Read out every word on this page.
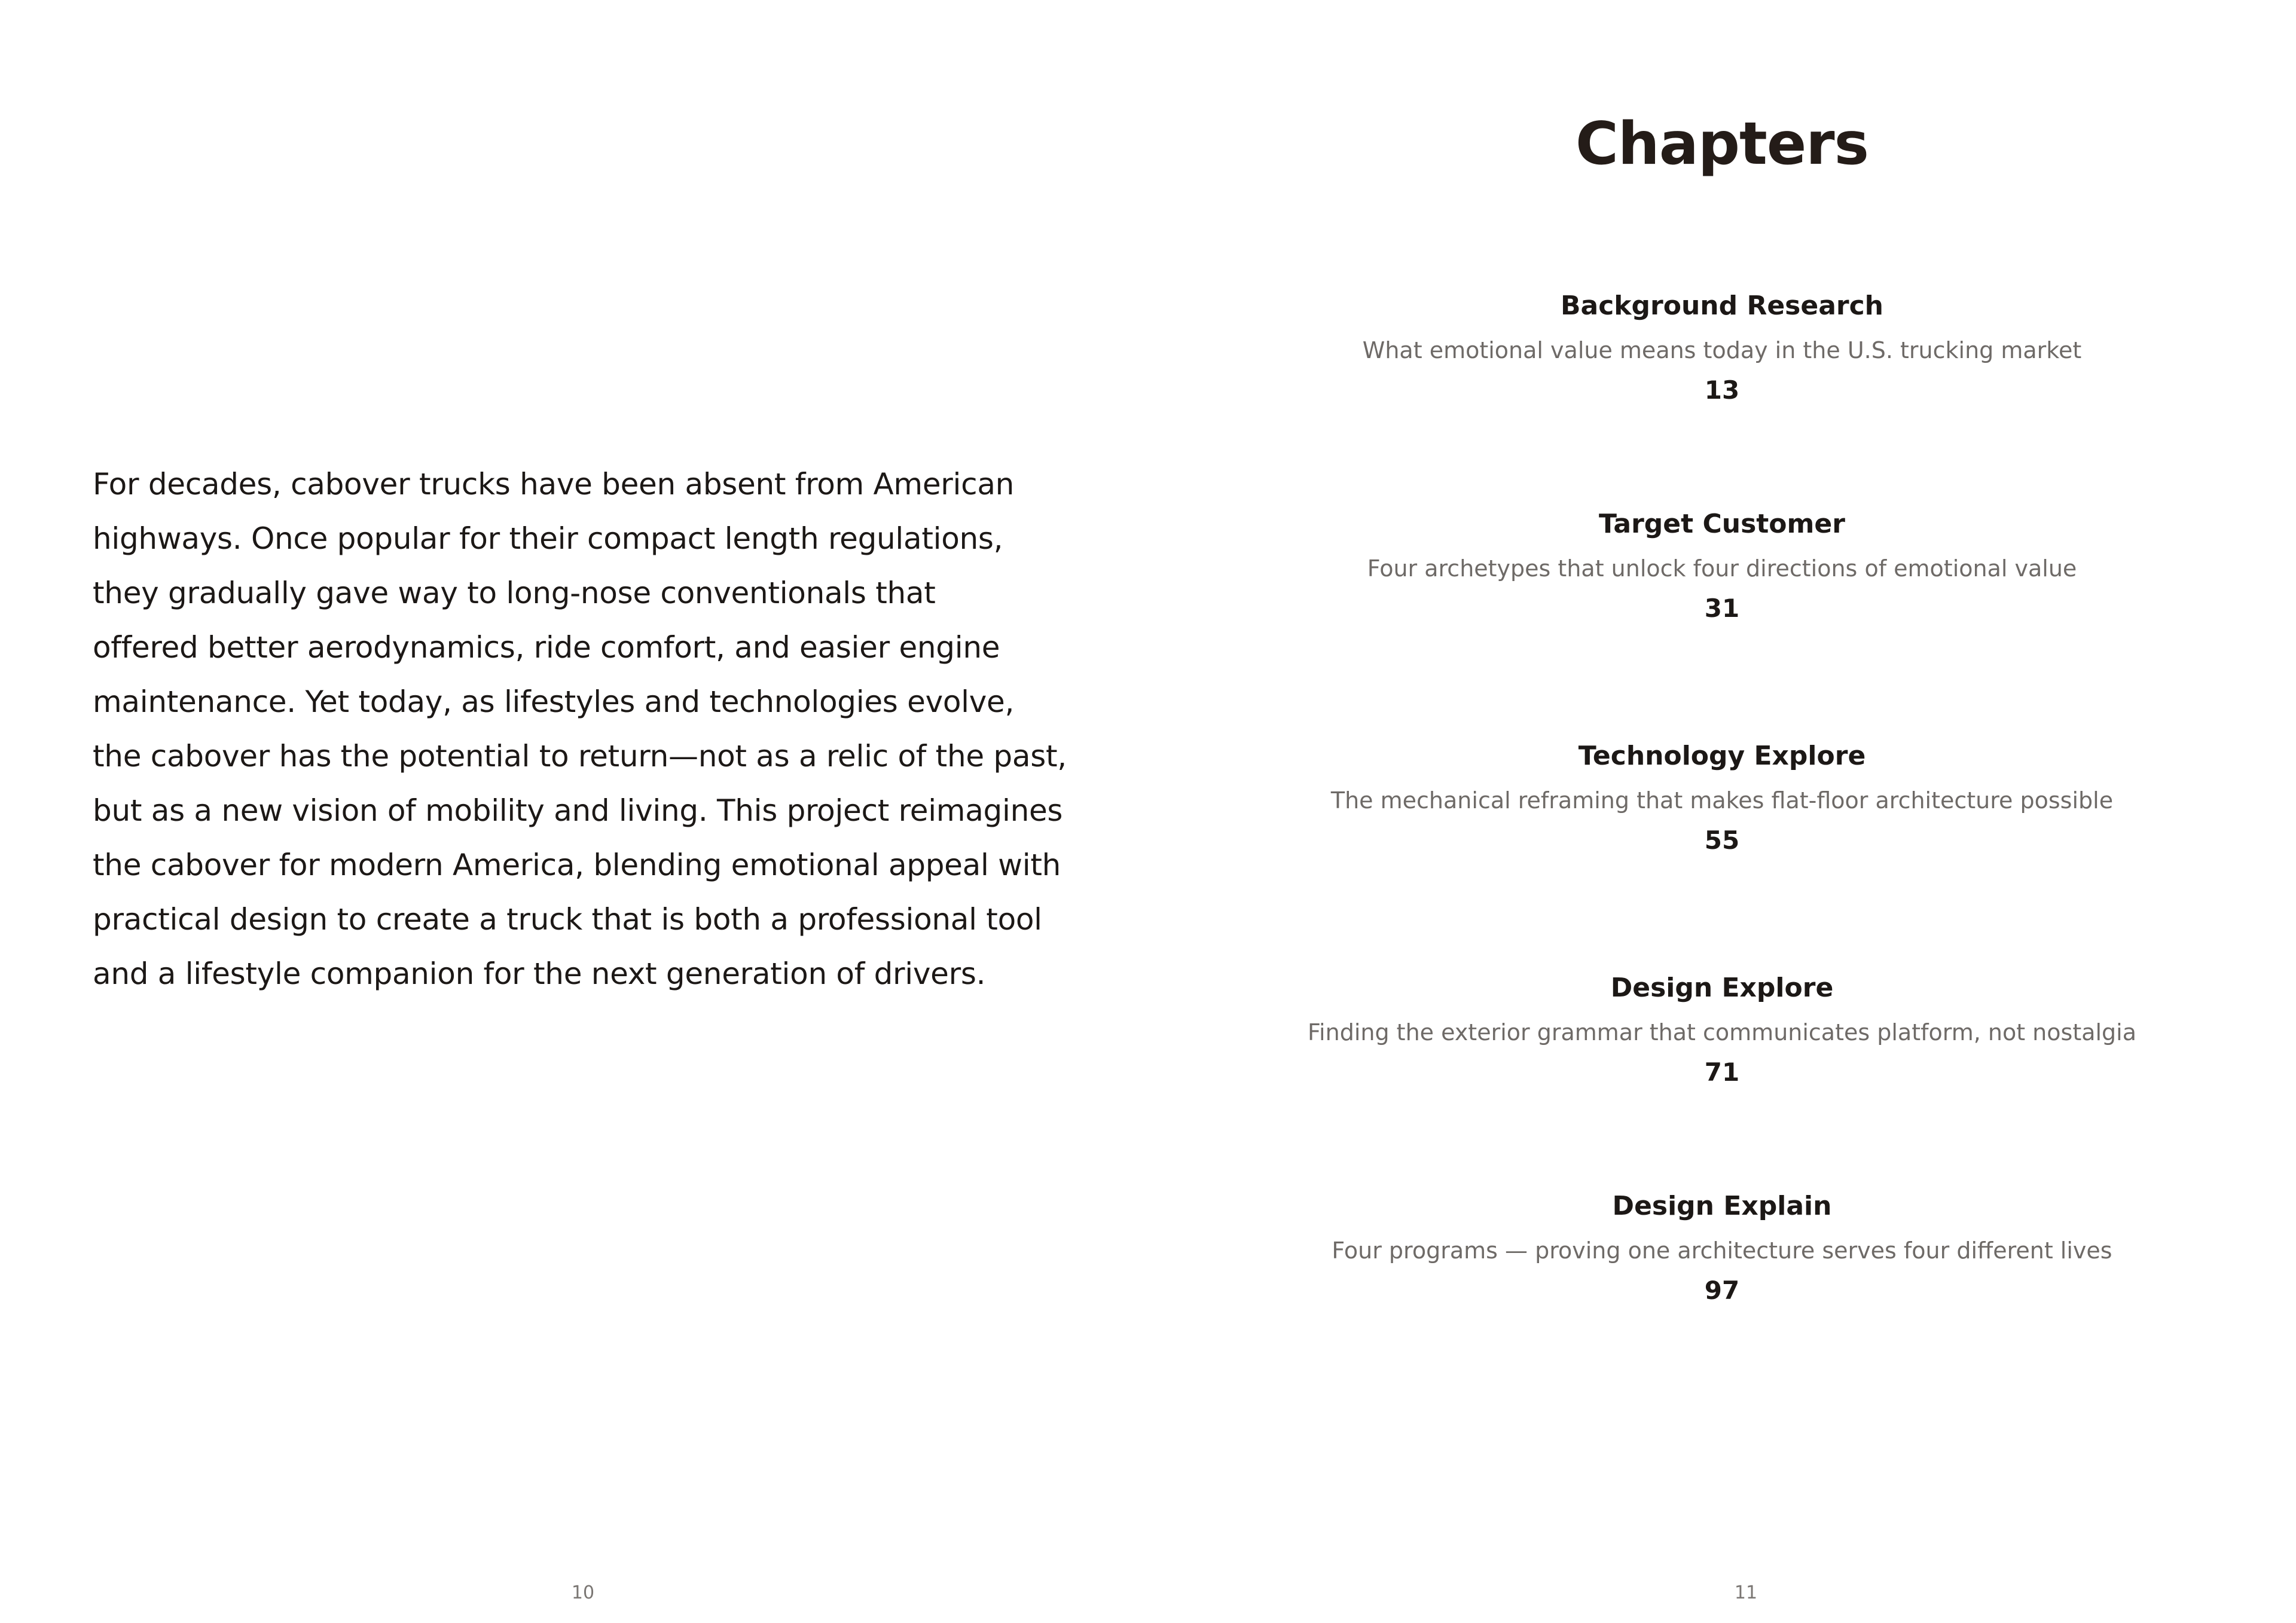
For decades, cabover trucks have been absent from American
highways. Once popular for their compact length regulations,
they gradually gave way to long-nose conventionals that
offered better aerodynamics, ride comfort, and easier engine
maintenance. Yet today, as lifestyles and technologies evolve,
the cabover has the potential to return—not as a relic of the past,
but as a new vision of mobility and living. This project reimagines
the cabover for modern America, blending emotional appeal with
practical design to create a truck that is both a professional tool
and a lifestyle companion for the next generation of drivers.
10
Chapters
Background Research
What emotional value means today in the U.S. trucking market
13
Target Customer
Four archetypes that unlock four directions of emotional value
31
Technology Explore
The mechanical reframing that makes flat-floor architecture possible
55
Design Explore
Finding the exterior grammar that communicates platform, not nostalgia
71
Design Explain
Four programs — proving one architecture serves four different lives
97
11
